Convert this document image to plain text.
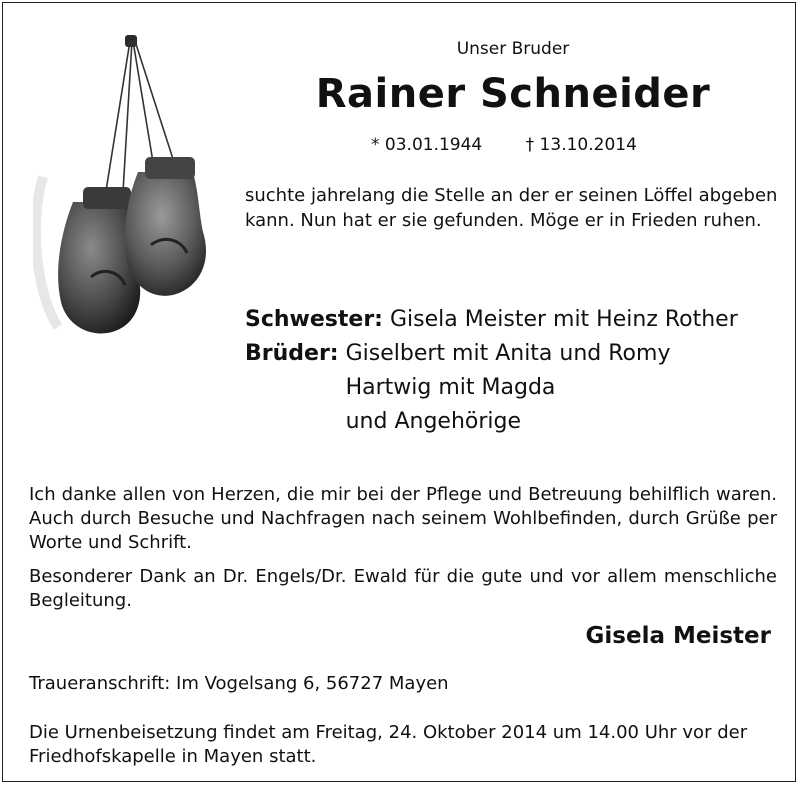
Unser Bruder
Rainer Schneider
* 03.01.1944	† 13.10.2014
suchte jahrelang die Stelle an der er seinen Löffel abgeben kann. Nun hat er sie gefunden. Möge er in Frieden ruhen.
Schwester: Gisela Meister mit Heinz Rother
Brüder: Giselbert mit Anita und Romy
Hartwig mit Magda
und Angehörige

Ich danke allen von Herzen, die mir bei der Pflege und Betreuung behilflich waren. Auch durch Besuche und Nachfragen nach seinem Wohlbefinden, durch Grüße per Worte und Schrift.

Besonderer Dank an Dr. Engels/Dr. Ewald für die gute und vor allem menschliche Begleitung.

Gisela Meister
Traueranschrift: Im Vogelsang 6, 56727 Mayen
Die Urnenbeisetzung findet am Freitag, 24. Oktober 2014 um 14.00 Uhr vor der Friedhofskapelle in Mayen statt.
